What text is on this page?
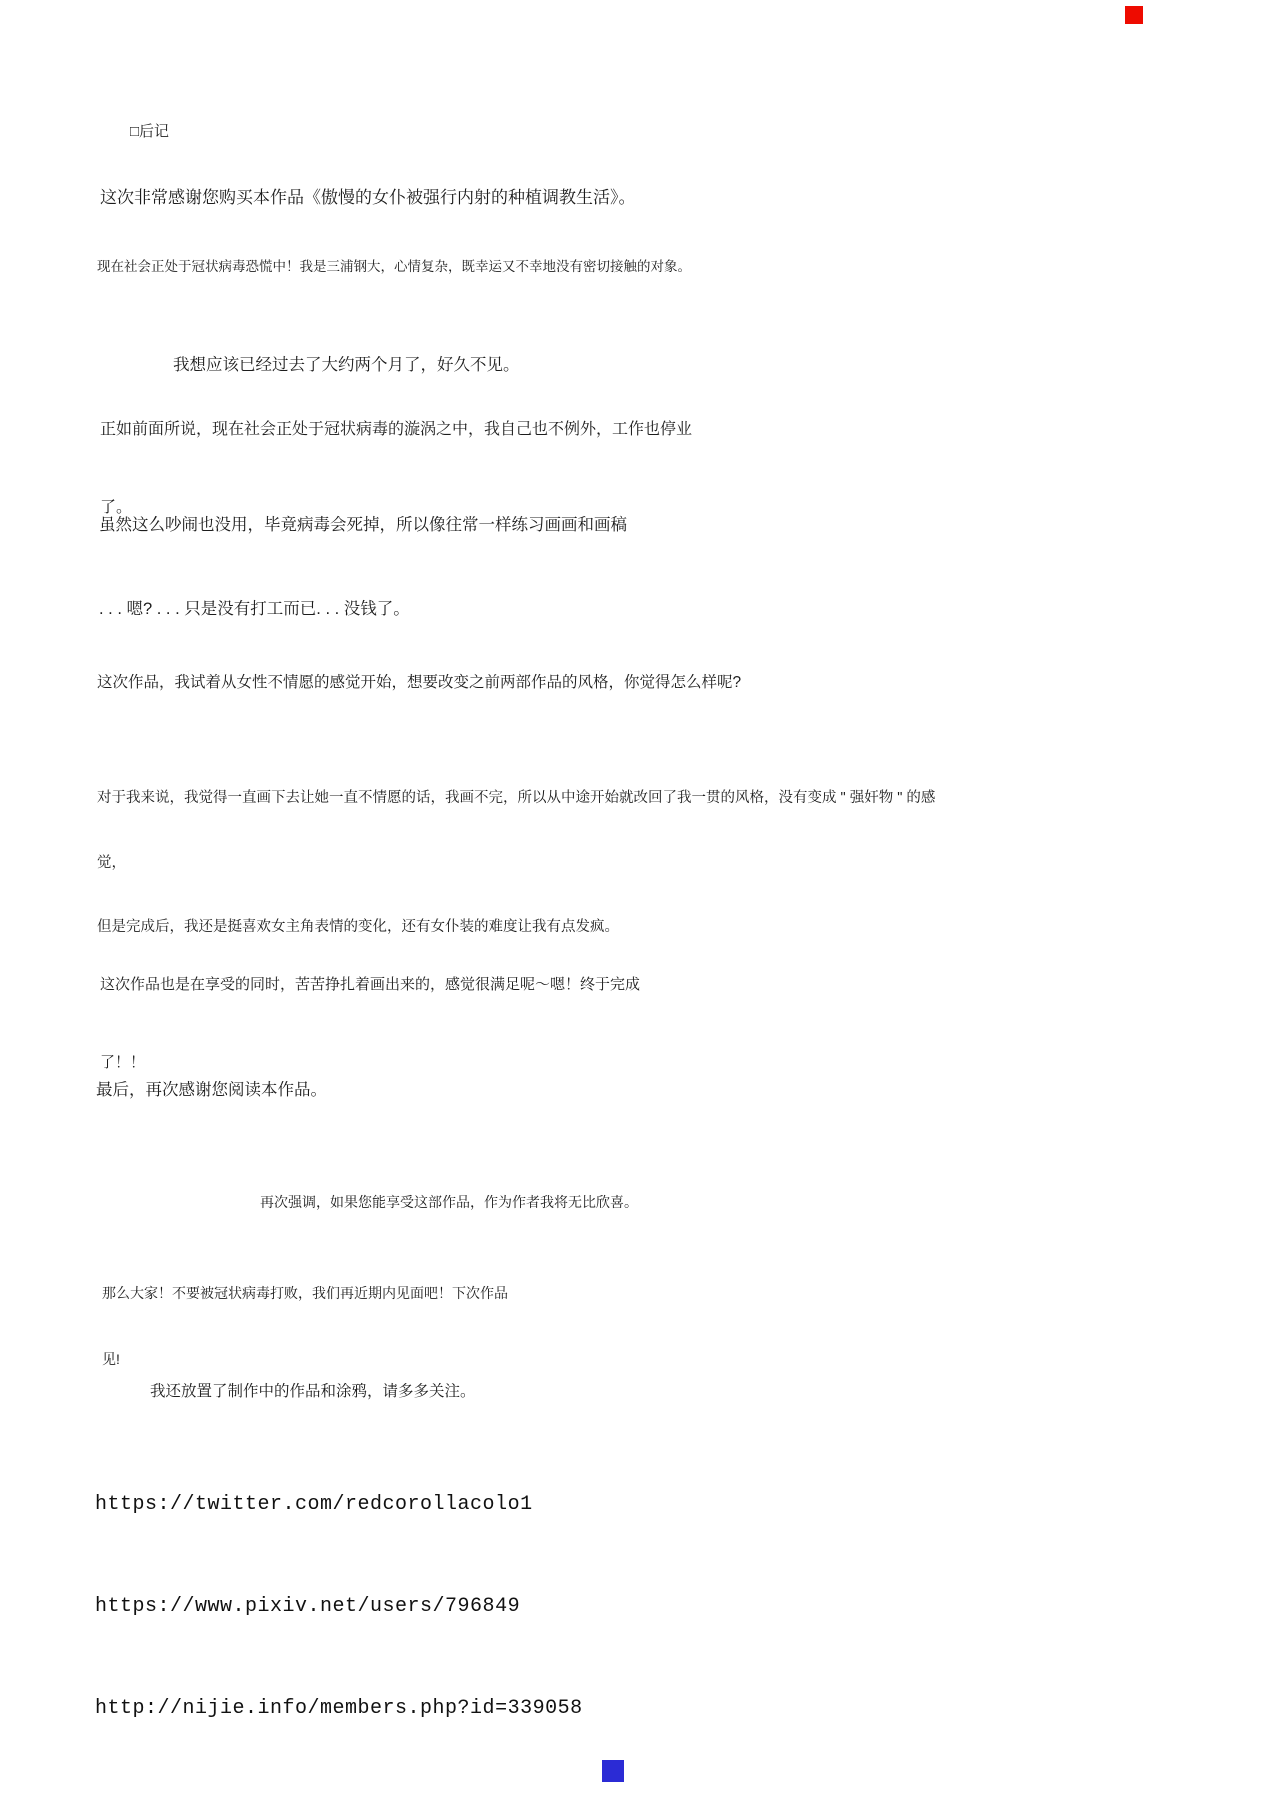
□后记

这次非常感谢您购买本作品《傲慢的女仆被强行内射的种植调教生活》。

现在社会正处于冠状病毒恐慌中！我是三浦钢大，心情复杂，既幸运又不幸地没有密切接触的对象。

我想应该已经过去了大约两个月了，好久不见。

正如前面所说，现在社会正处于冠状病毒的漩涡之中，我自己也不例外，工作也停业

了。

虽然这么吵闹也没用，毕竟病毒会死掉，所以像往常一样练习画画和画稿

. . . 嗯? . . . 只是没有打工而已. . . 没钱了。

这次作品，我试着从女性不情愿的感觉开始，想要改变之前两部作品的风格，你觉得怎么样呢?

对于我来说，我觉得一直画下去让她一直不情愿的话，我画不完，所以从中途开始就改回了我一贯的风格，没有变成 " 强奸物 " 的感

觉，

但是完成后，我还是挺喜欢女主角表情的变化，还有女仆装的难度让我有点发疯。

这次作品也是在享受的同时，苦苦挣扎着画出来的，感觉很满足呢～嗯！终于完成

了！！

最后，再次感谢您阅读本作品。

再次强调，如果您能享受这部作品，作为作者我将无比欣喜。

那么大家！不要被冠状病毒打败，我们再近期内见面吧！下次作品

见!

我还放置了制作中的作品和涂鸦，请多多关注。

https://twitter.com/redcorollacolo1

https://www.pixiv.net/users/796849

http://nijie.info/members.php?id=339058
